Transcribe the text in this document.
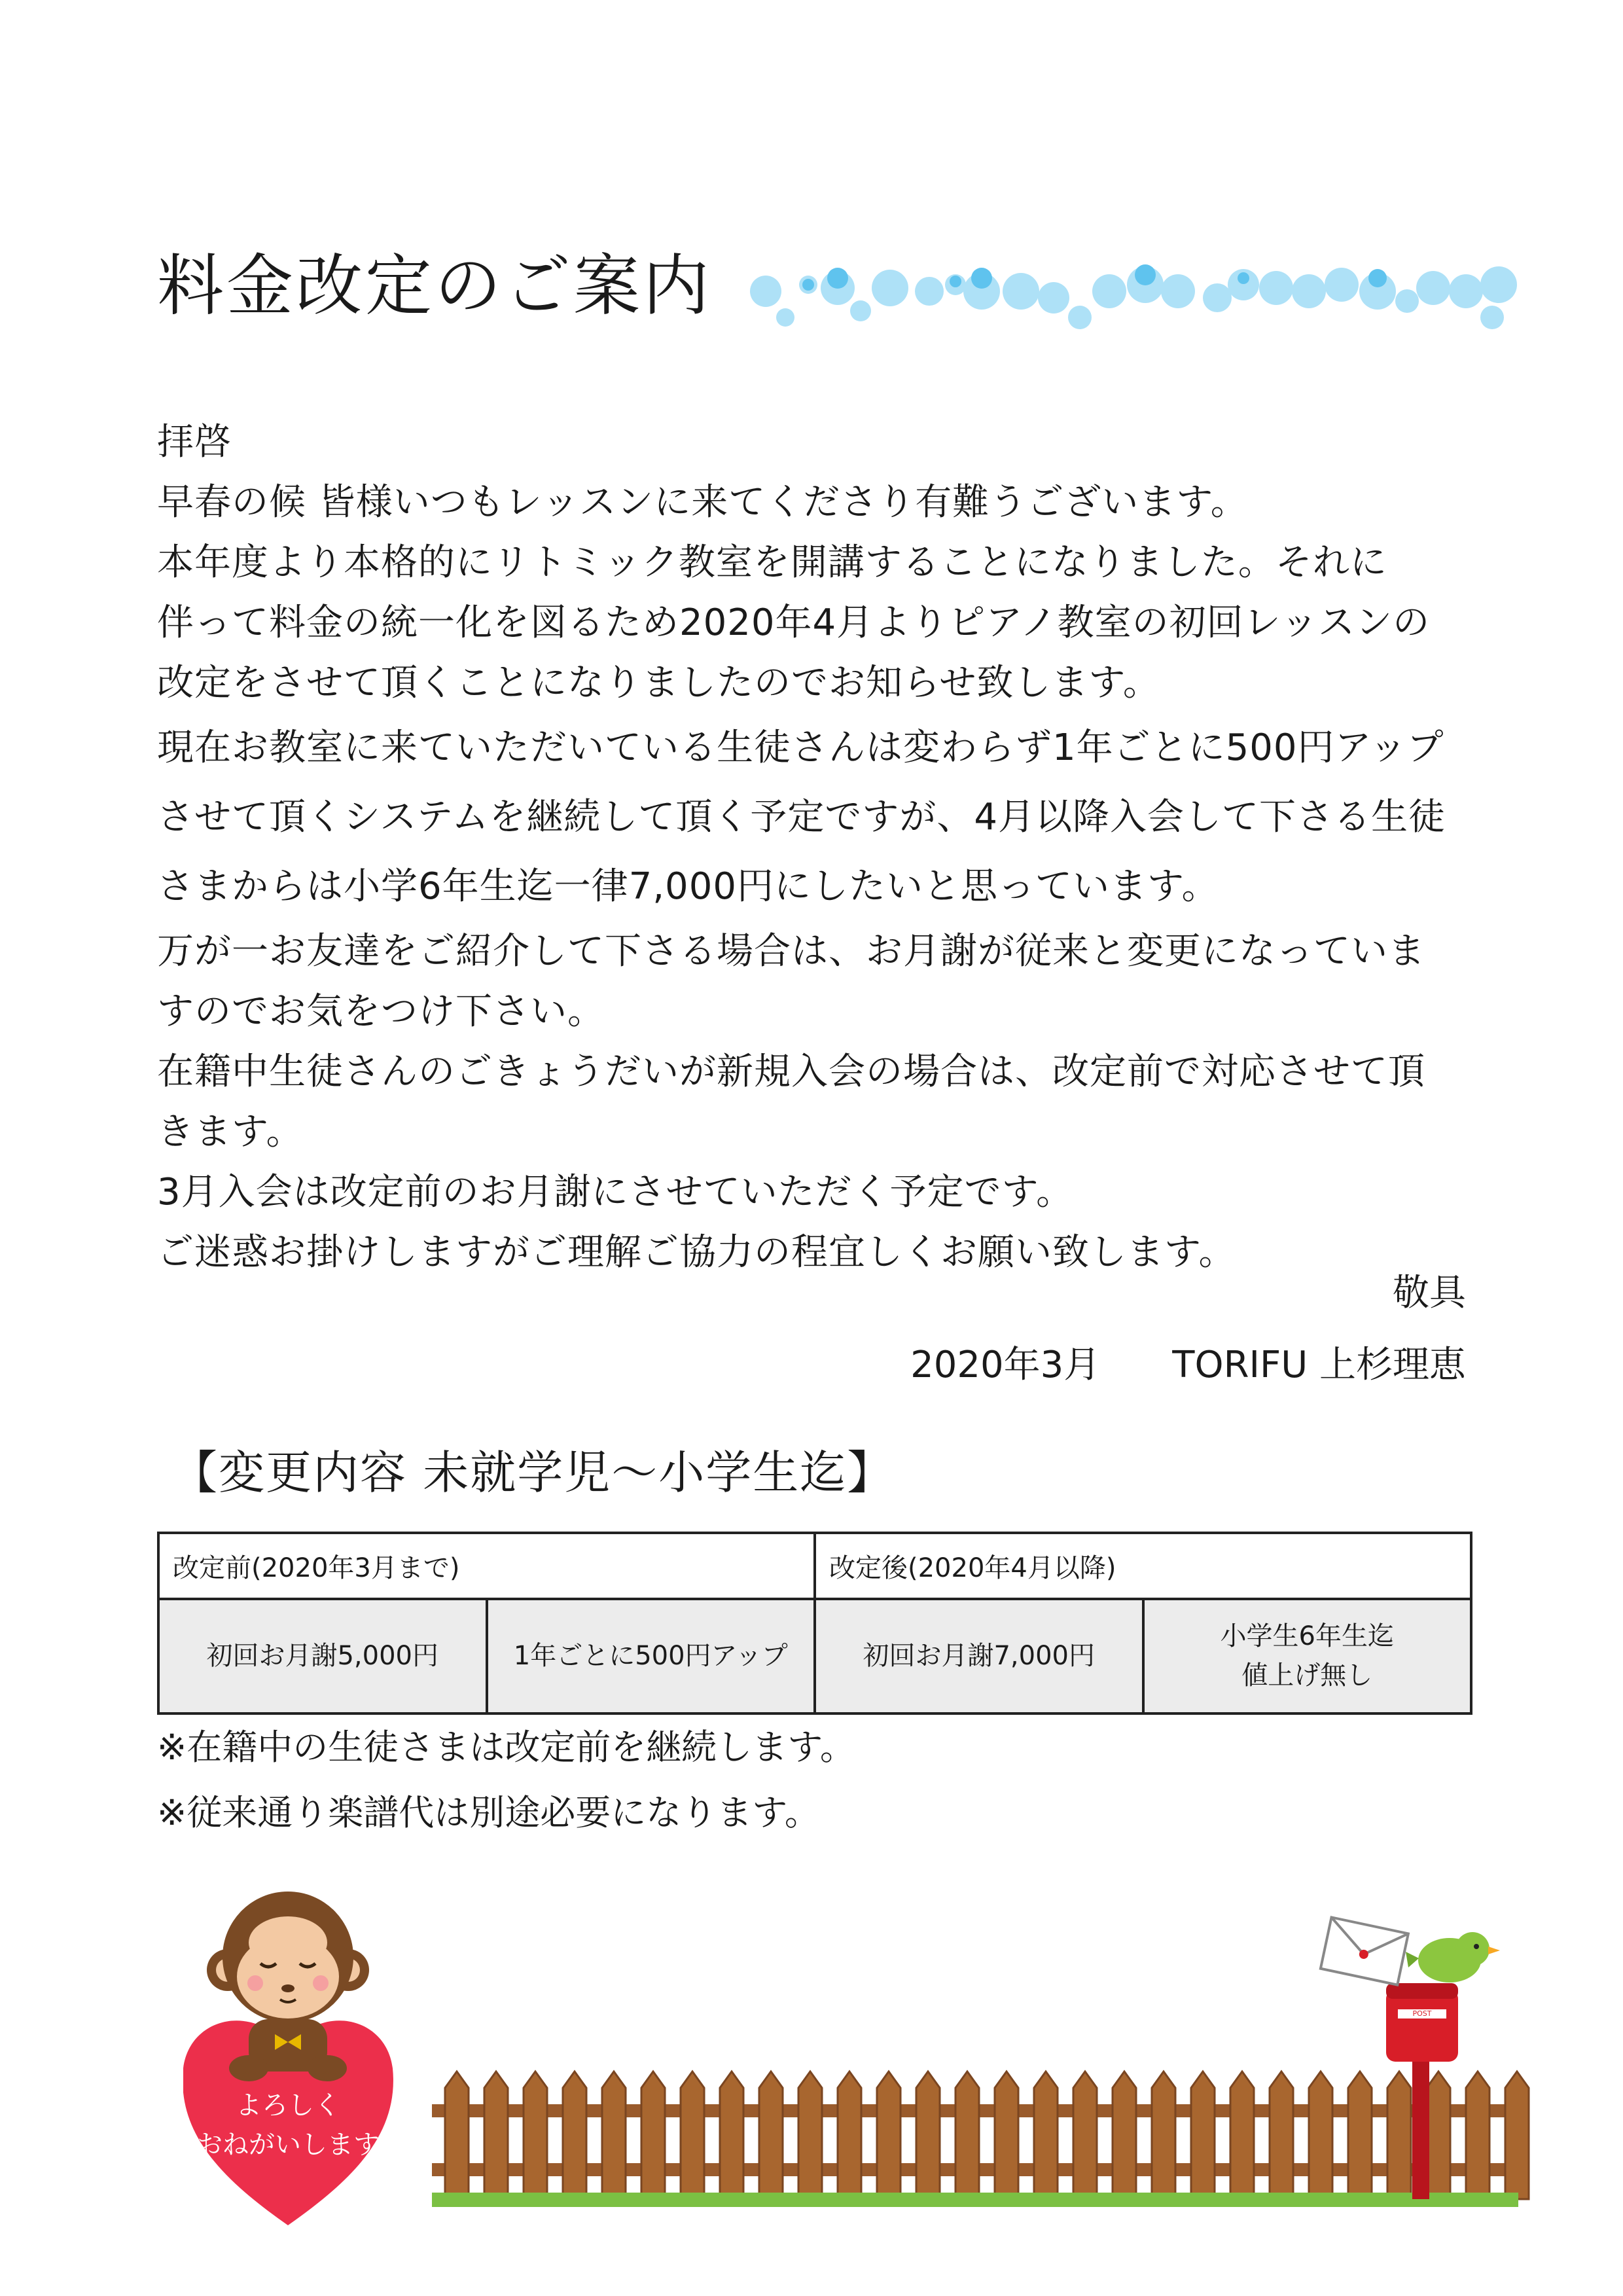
料金改定のご案内
拝啓
早春の候 皆様いつもレッスンに来てくださり有難うございます。
本年度より本格的にリトミック教室を開講することになりました。それに
伴って料金の統一化を図るため2020年4月よりピアノ教室の初回レッスンの
改定をさせて頂くことになりましたのでお知らせ致します。
現在お教室に来ていただいている生徒さんは変わらず1年ごとに500円アップ
させて頂くシステムを継続して頂く予定ですが、4月以降入会して下さる生徒
さまからは小学6年生迄一律7,000円にしたいと思っています。
万が一お友達をご紹介して下さる場合は、お月謝が従来と変更になっていま
すのでお気をつけ下さい。
在籍中生徒さんのごきょうだいが新規入会の場合は、改定前で対応させて頂
きます。
3月入会は改定前のお月謝にさせていただく予定です。
ご迷惑お掛けしますがご理解ご協力の程宜しくお願い致します。
敬具
2020年3月 TORIFU 上杉理恵
【変更内容 未就学児～小学生迄】
改定前(2020年3月まで)		改定後(2020年4月以降)	
初回お月謝5,000円	1年ごとに500円アップ	初回お月謝7,000円	小学生6年生迄
値上げ無し
※在籍中の生徒さまは改定前を継続します。
※従来通り楽譜代は別途必要になります。
POST
よろしく
おねがいします
